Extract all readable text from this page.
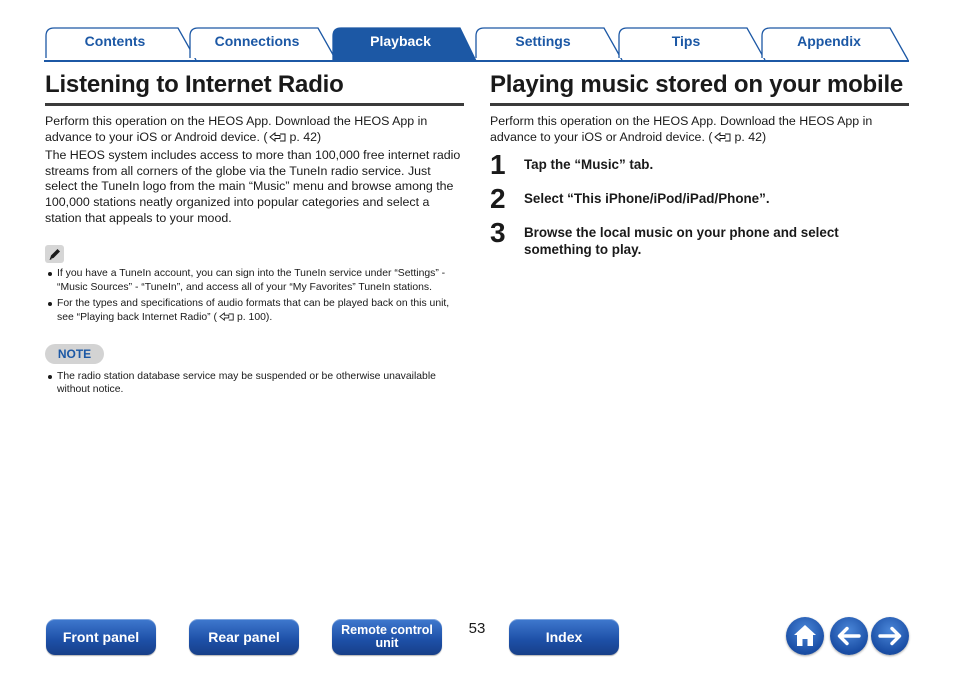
Contents	Connections	Playback	Settings	Tips	Appendix
Listening to Internet Radio

Perform this operation on the HEOS App. Download the HEOS App in advance to your iOS or Android device. ( p. 42)

The HEOS system includes access to more than 100,000 free internet radio streams from all corners of the globe via the TuneIn radio service. Just select the TuneIn logo from the main “Music” menu and browse among the 100,000 stations neatly organized into popular categories and select a station that appeals to your mood.

If you have a TuneIn account, you can sign into the TuneIn service under “Settings” - “Music Sources” - “TuneIn”, and access all of your “My Favorites” TuneIn stations.
For the types and specifications of audio formats that can be played back on this unit, see “Playing back Internet Radio” ( p. 100).
NOTE
The radio station database service may be suspended or be otherwise unavailable without notice.
Playing music stored on your mobile

Perform this operation on the HEOS App. Download the HEOS App in advance to your iOS or Android device. ( p. 42)

1 Tap the “Music” tab.
2 Select “This iPhone/iPod/iPad/Phone”.
3 Browse the local music on your phone and select something to play.
Front panel	Rear panel	Remote control
unit
53	Index
